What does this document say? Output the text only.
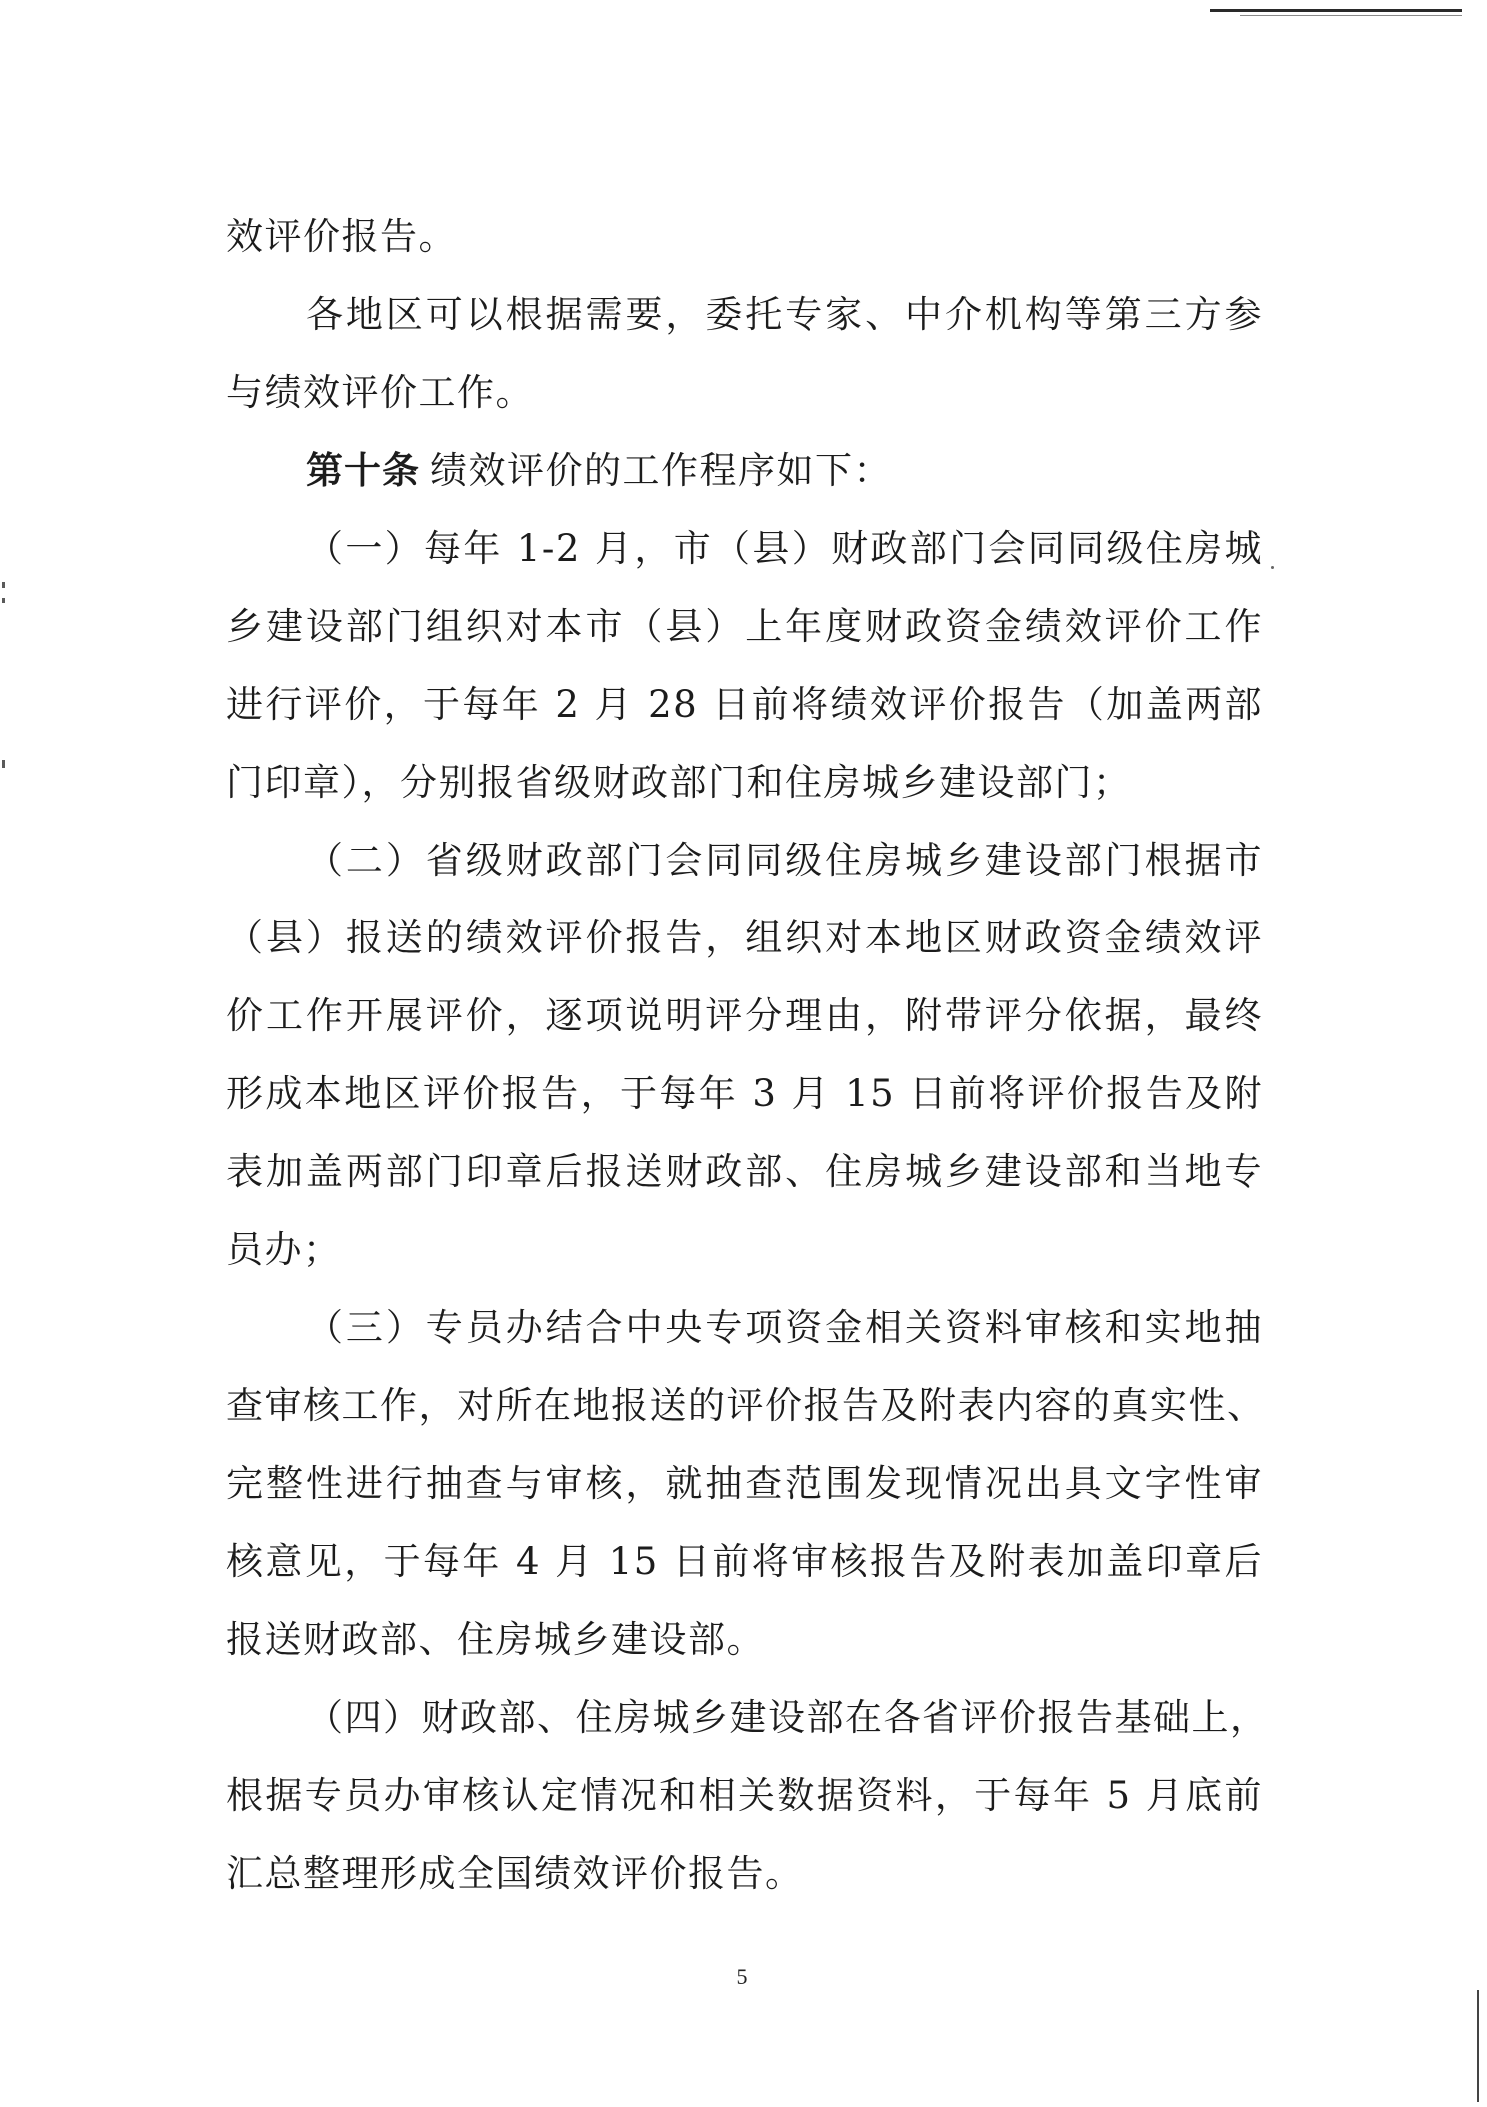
效评价报告。
各地区可以根据需要，委托专家、中介机构等第三方参
与绩效评价工作。
第十条 绩效评价的工作程序如下：
（一）每年 1-2 月，市（县）财政部门会同同级住房城
乡建设部门组织对本市（县）上年度财政资金绩效评价工作
进行评价，于每年 2 月 28 日前将绩效评价报告（加盖两部
门印章），分别报省级财政部门和住房城乡建设部门；
（二）省级财政部门会同同级住房城乡建设部门根据市
（县）报送的绩效评价报告，组织对本地区财政资金绩效评
价工作开展评价，逐项说明评分理由，附带评分依据，最终
形成本地区评价报告，于每年 3 月 15 日前将评价报告及附
表加盖两部门印章后报送财政部、住房城乡建设部和当地专
员办；
（三）专员办结合中央专项资金相关资料审核和实地抽
查审核工作，对所在地报送的评价报告及附表内容的真实性、
完整性进行抽查与审核，就抽查范围发现情况出具文字性审
核意见，于每年 4 月 15 日前将审核报告及附表加盖印章后
报送财政部、住房城乡建设部。
（四）财政部、住房城乡建设部在各省评价报告基础上，
根据专员办审核认定情况和相关数据资料，于每年 5 月底前
汇总整理形成全国绩效评价报告。
5
